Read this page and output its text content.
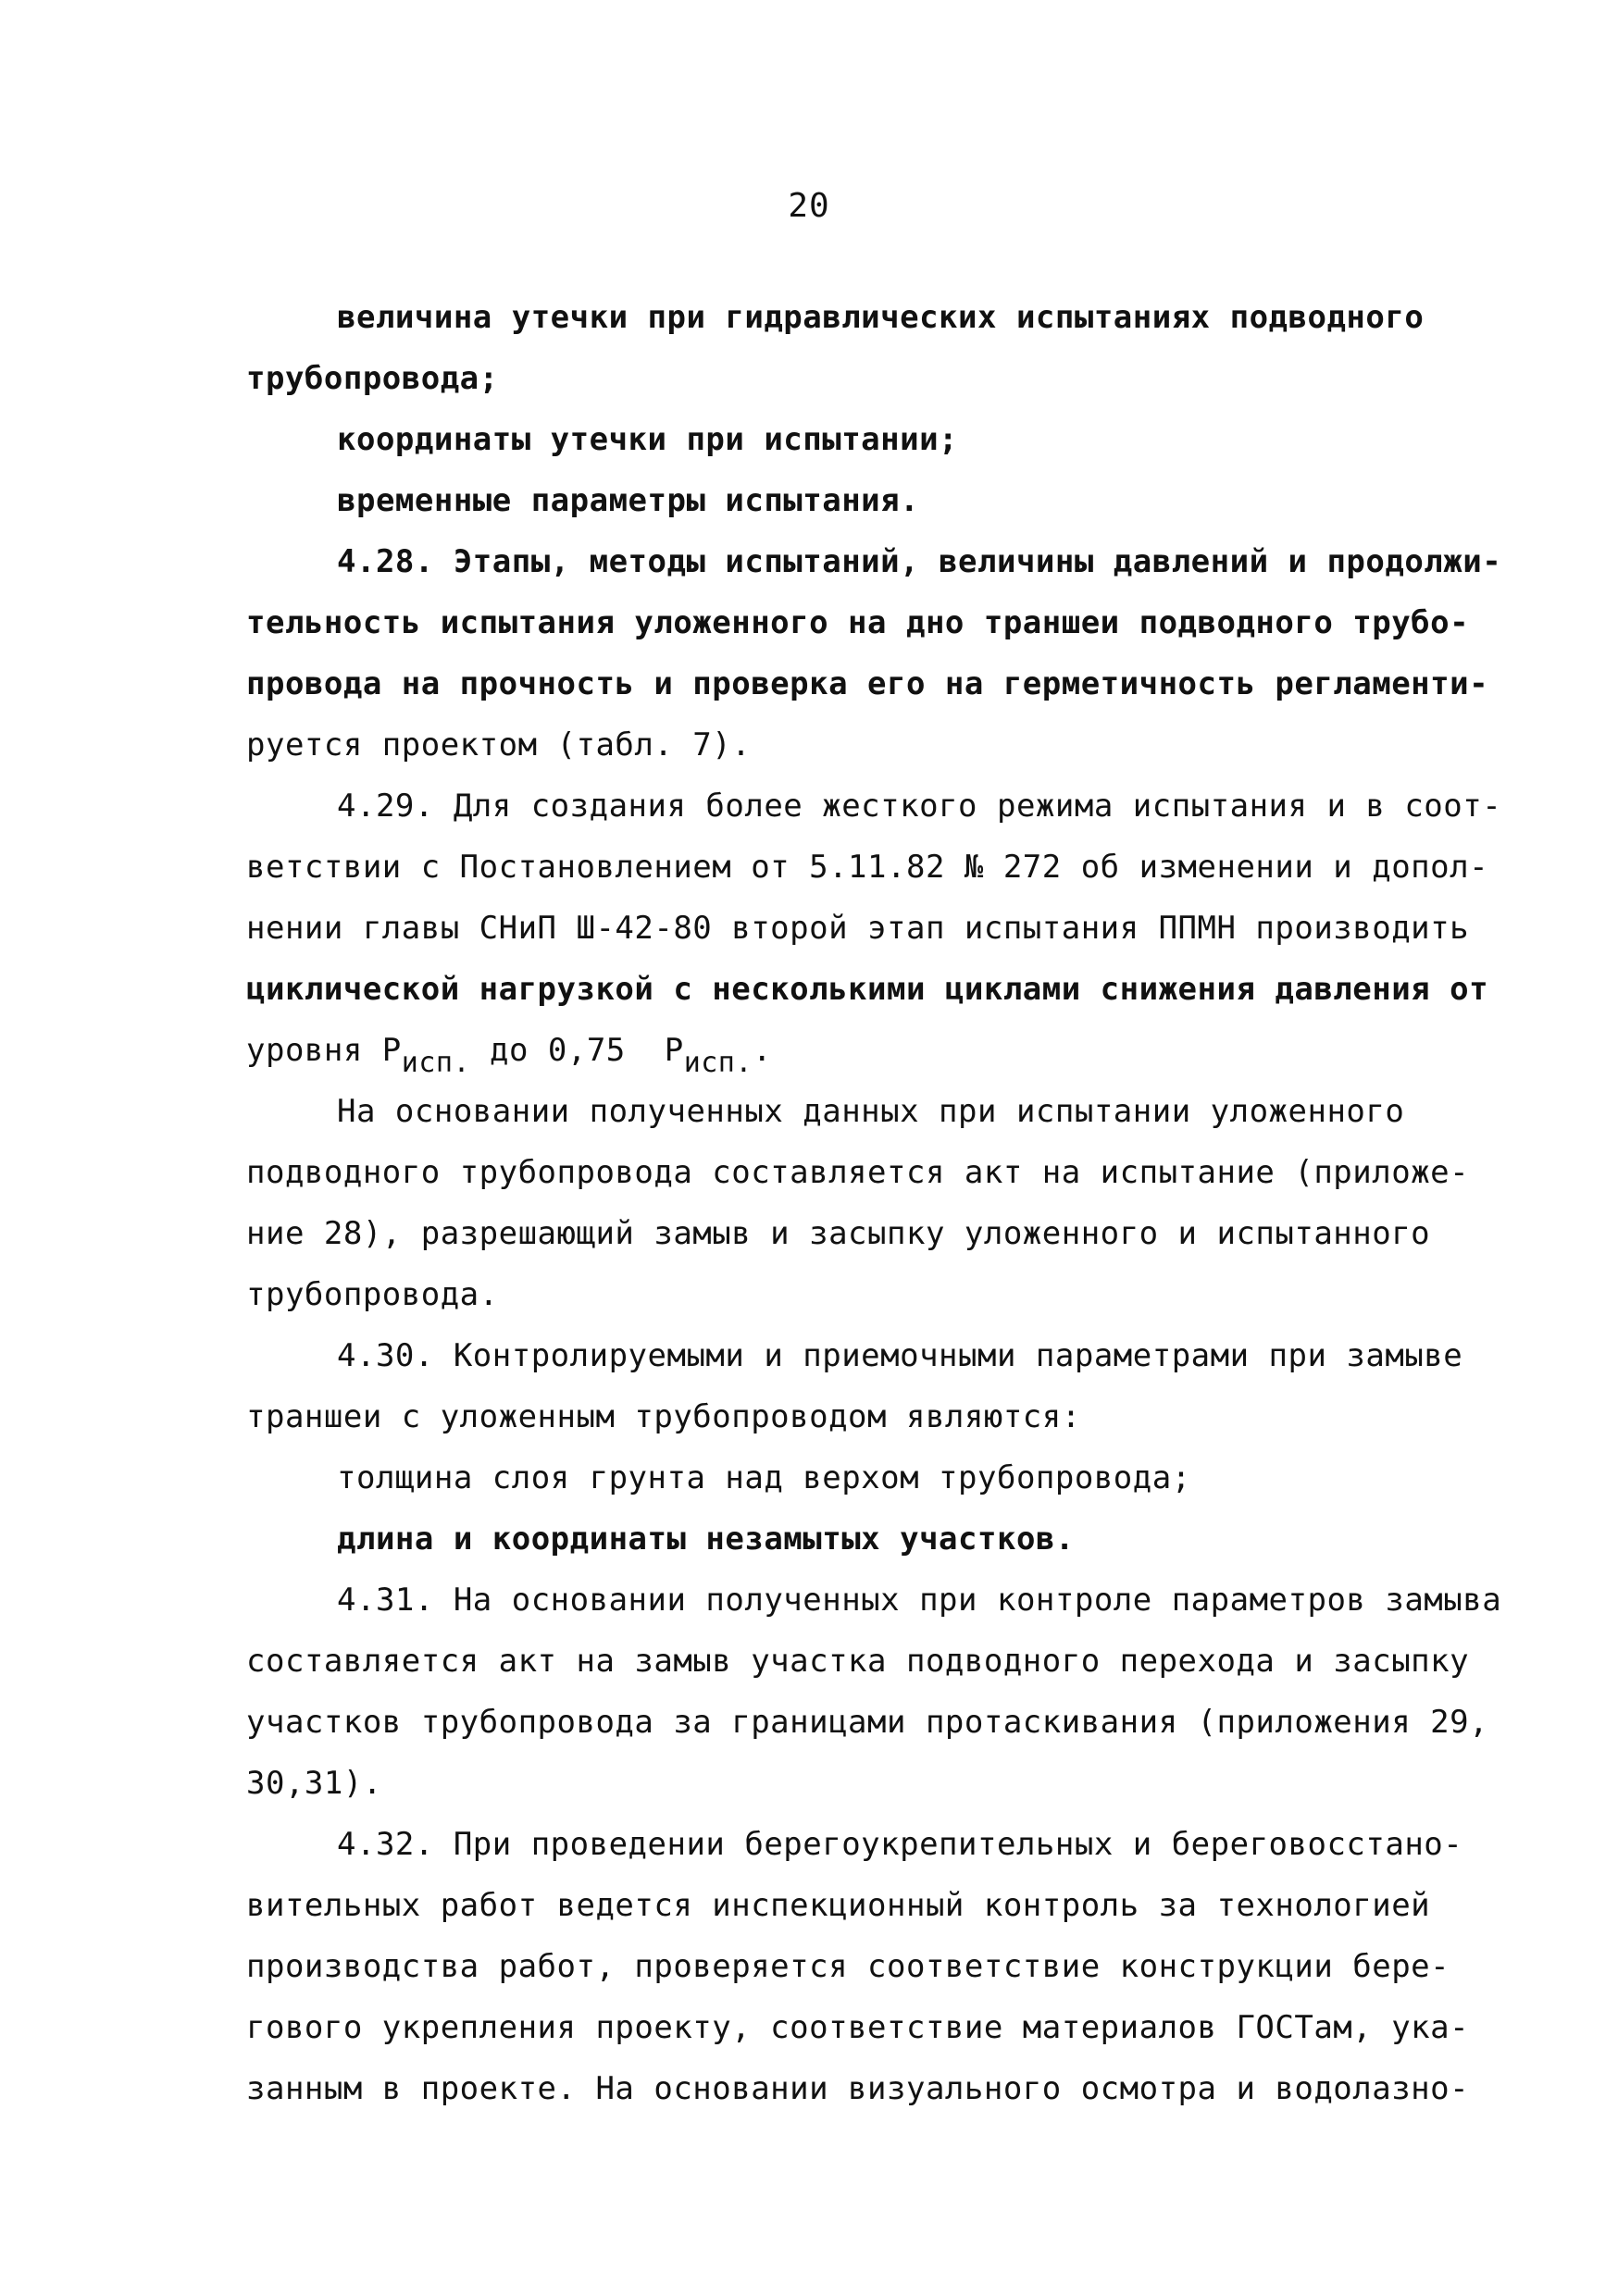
20
величина утечки при гидравлических испытаниях подводного
трубопровода;
координаты утечки при испытании;
временные параметры испытания.
4.28. Этапы, методы испытаний, величины давлений и продолжи-
тельность испытания уложенного на дно траншеи подводного трубо-
провода на прочность и проверка его на герметичность регламенти-
руется проектом (табл. 7).
4.29. Для создания более жесткого режима испытания и в соот-
ветствии с Постановлением от 5.11.82 № 272 об изменении и допол-
нении главы СНиП Ш-42-80 второй этап испытания ППМН производить
циклической нагрузкой с несколькими циклами снижения давления от
уровня $Р_{исп.}$ до 0,75  $Р_{исп.}$.
На основании полученных данных при испытании уложенного
подводного трубопровода составляется акт на испытание (приложе-
ние 28), разрешающий замыв и засыпку уложенного и испытанного
трубопровода.
4.30. Контролируемыми и приемочными параметрами при замыве
траншеи с уложенным трубопроводом являются:
толщина слоя грунта над верхом трубопровода;
длина и координаты незамытых участков.
4.31. На основании полученных при контроле параметров замыва
составляется акт на замыв участка подводного перехода и засыпку
участков трубопровода за границами протаскивания (приложения 29,
30,31).
4.32. При проведении берегоукрепительных и береговосстано-
вительных работ ведется инспекционный контроль за технологией
производства работ, проверяется соответствие конструкции бере-
гового укрепления проекту, соответствие материалов ГОСТам, ука-
занным в проекте. На основании визуального осмотра и водолазно-
